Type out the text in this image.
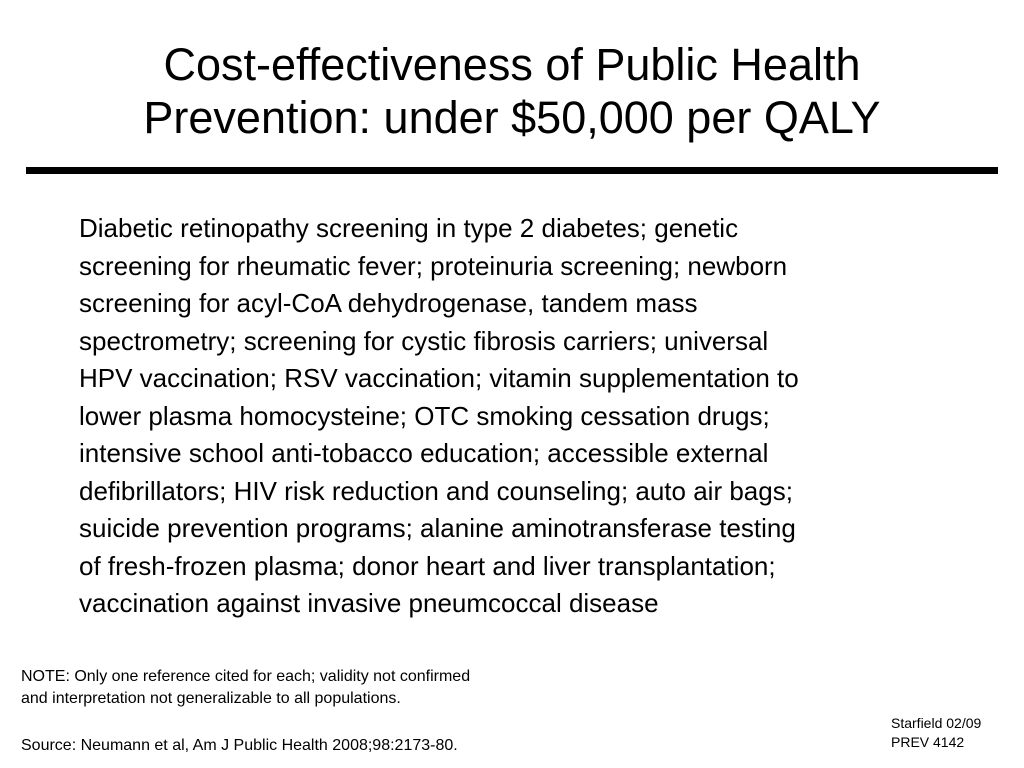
Cost-effectiveness of Public Health
Prevention: under $50,000 per QALY

Diabetic retinopathy screening in type 2 diabetes; genetic
screening for rheumatic fever; proteinuria screening; newborn
screening for acyl-CoA dehydrogenase, tandem mass
spectrometry; screening for cystic fibrosis carriers; universal
HPV vaccination; RSV vaccination; vitamin supplementation to
lower plasma homocysteine; OTC smoking cessation drugs;
intensive school anti-tobacco education; accessible external
defibrillators; HIV risk reduction and counseling; auto air bags;
suicide prevention programs; alanine aminotransferase testing
of fresh-frozen plasma; donor heart and liver transplantation;
vaccination against invasive pneumcoccal disease

NOTE: Only one reference cited for each; validity not confirmed
and interpretation not generalizable to all populations.

Source: Neumann et al, Am J Public Health 2008;98:2173-80.

Starfield 02/09
PREV 4142
